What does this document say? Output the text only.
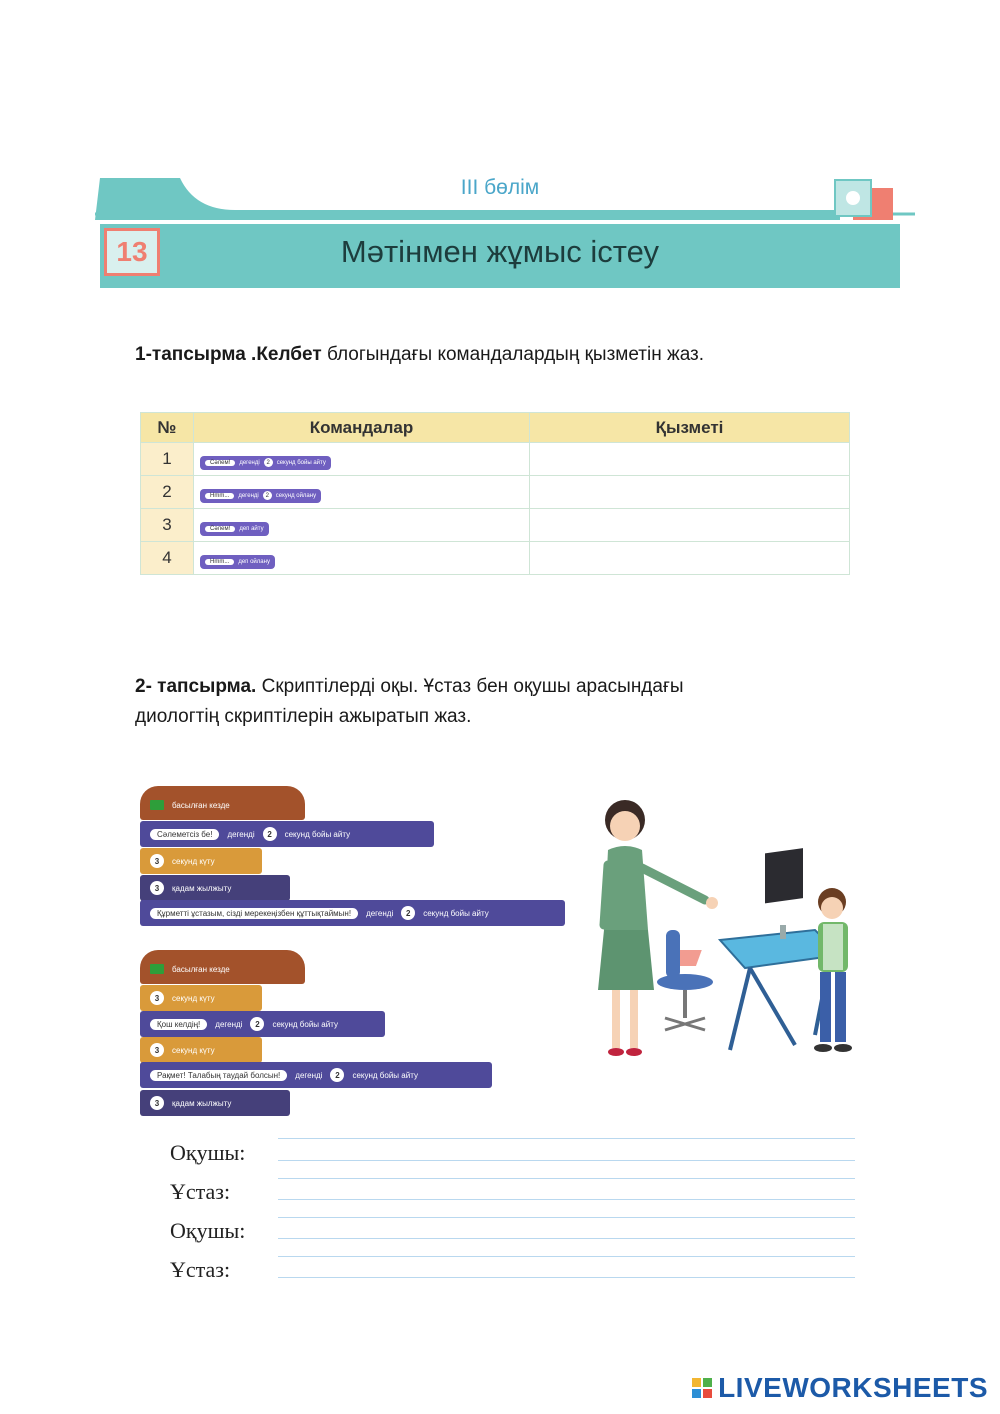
III бөлім
13	Мәтінмен жұмыс істеу
1-тапсырма .Келбет блогындағы командалардың қызметін жаз.
№	Командалар	Қызметі
1	Сәлем! дегенді 2 секунд бойы айту	

2	Hmm... дегенді 2 секунд ойлану	

3	Сәлем! деп айту	

4	Hmm... деп ойлану	

2- тапсырма. Скриптілерді оқы. Ұстаз бен оқушы арасындағы
диологтің скриптілерін ажыратып жаз.
басылған кезде
Сәлеметсіз бе!	дегенді	2	секунд бойы айту
3	секунд күту
3	қадам жылжыту
Құрметті ұстазым, сізді мерекеңізбен құттықтаймын!	дегенді	2	секунд бойы айту
басылған кезде
3	секунд күту
Қош келдің!	дегенді	2	секунд бойы айту
3	секунд күту
Рақмет! Талабың таудай болсын!	дегенді	2	секунд бойы айту
3	қадам жылжыту
Оқушы:
Ұстаз:
Оқушы:
Ұстаз:
LIVEWORKSHEETS
